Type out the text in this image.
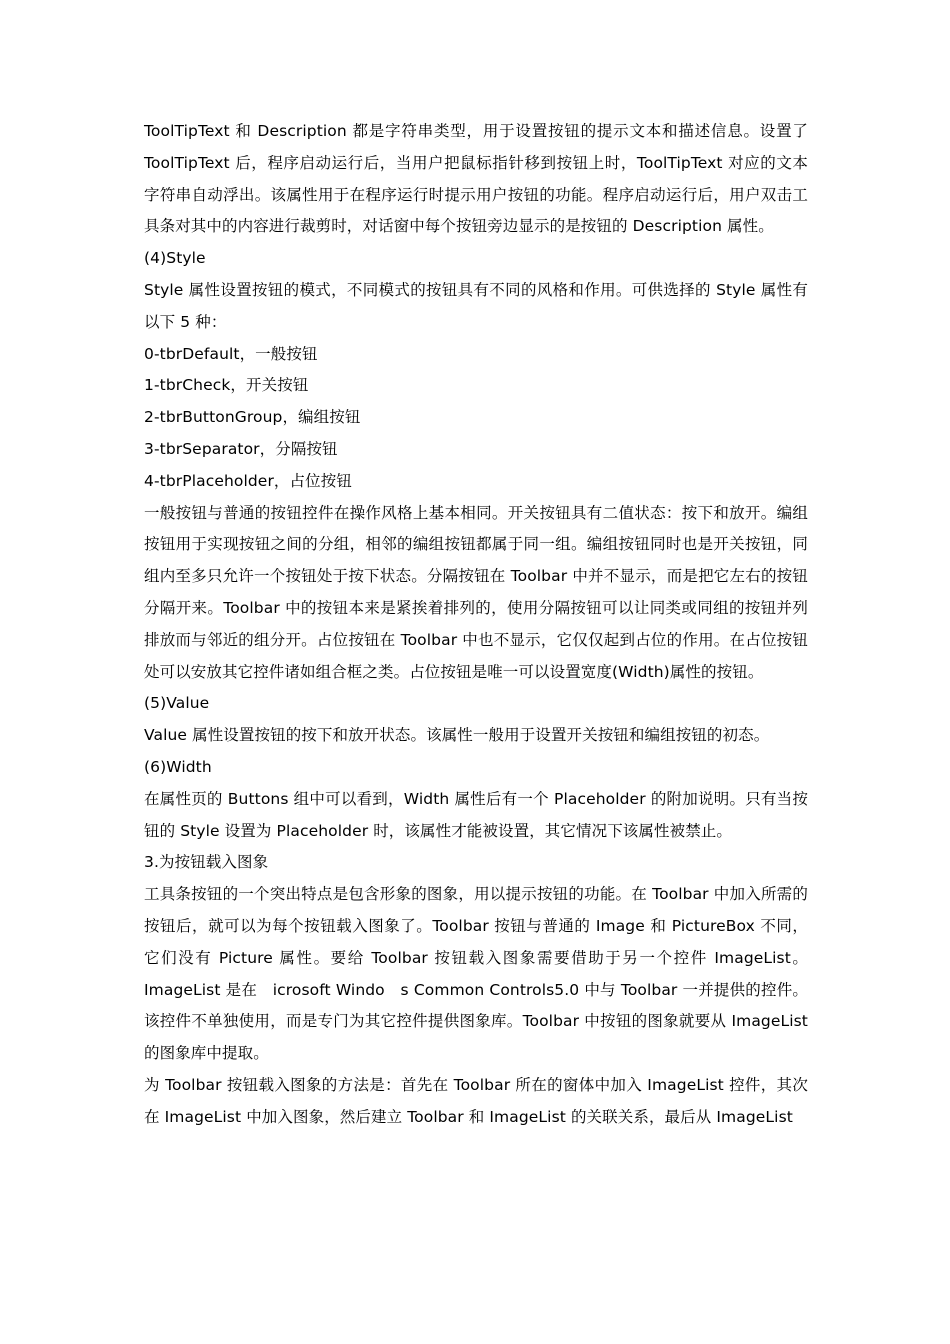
ToolTipText 和 Description 都是字符串类型，用于设置按钮的提示文本和描述信息。设置了 ToolTipText 后，程序启动运行后，当用户把鼠标指针移到按钮上时，ToolTipText 对应的文本字符串自动浮出。该属性用于在程序运行时提示用户按钮的功能。程序启动运行后，用户双击工具条对其中的内容进行裁剪时，对话窗中每个按钮旁边显示的是按钮的 Description 属性。

(4)Style

Style 属性设置按钮的模式，不同模式的按钮具有不同的风格和作用。可供选择的 Style 属性有以下 5 种：

0-tbrDefault，一般按钮

1-tbrCheck，开关按钮

2-tbrButtonGroup，编组按钮

3-tbrSeparator，分隔按钮

4-tbrPlaceholder，占位按钮

一般按钮与普通的按钮控件在操作风格上基本相同。开关按钮具有二值状态：按下和放开。编组按钮用于实现按钮之间的分组，相邻的编组按钮都属于同一组。编组按钮同时也是开关按钮，同组内至多只允许一个按钮处于按下状态。分隔按钮在 Toolbar 中并不显示，而是把它左右的按钮分隔开来。Toolbar 中的按钮本来是紧挨着排列的，使用分隔按钮可以让同类或同组的按钮并列排放而与邻近的组分开。占位按钮在 Toolbar 中也不显示，它仅仅起到占位的作用。在占位按钮处可以安放其它控件诸如组合框之类。占位按钮是唯一可以设置宽度(Width)属性的按钮。

(5)Value

Value 属性设置按钮的按下和放开状态。该属性一般用于设置开关按钮和编组按钮的初态。

(6)Width

在属性页的 Buttons 组中可以看到，Width 属性后有一个 Placeholder 的附加说明。只有当按钮的 Style 设置为 Placeholder 时，该属性才能被设置，其它情况下该属性被禁止。

3.为按钮载入图象

工具条按钮的一个突出特点是包含形象的图象，用以提示按钮的功能。在 Toolbar 中加入所需的按钮后，就可以为每个按钮载入图象了。Toolbar 按钮与普通的 Image 和 PictureBox 不同，它们没有 Picture 属性。要给 Toolbar 按钮载入图象需要借助于另一个控件 ImageList。ImageList 是在　icrosoft Windo　s Common Controls5.0 中与 Toolbar 一并提供的控件。该控件不单独使用，而是专门为其它控件提供图象库。Toolbar 中按钮的图象就要从 ImageList 的图象库中提取。

为 Toolbar 按钮载入图象的方法是：首先在 Toolbar 所在的窗体中加入 ImageList 控件，其次在 ImageList 中加入图象，然后建立 Toolbar 和 ImageList 的关联关系，最后从 ImageList
